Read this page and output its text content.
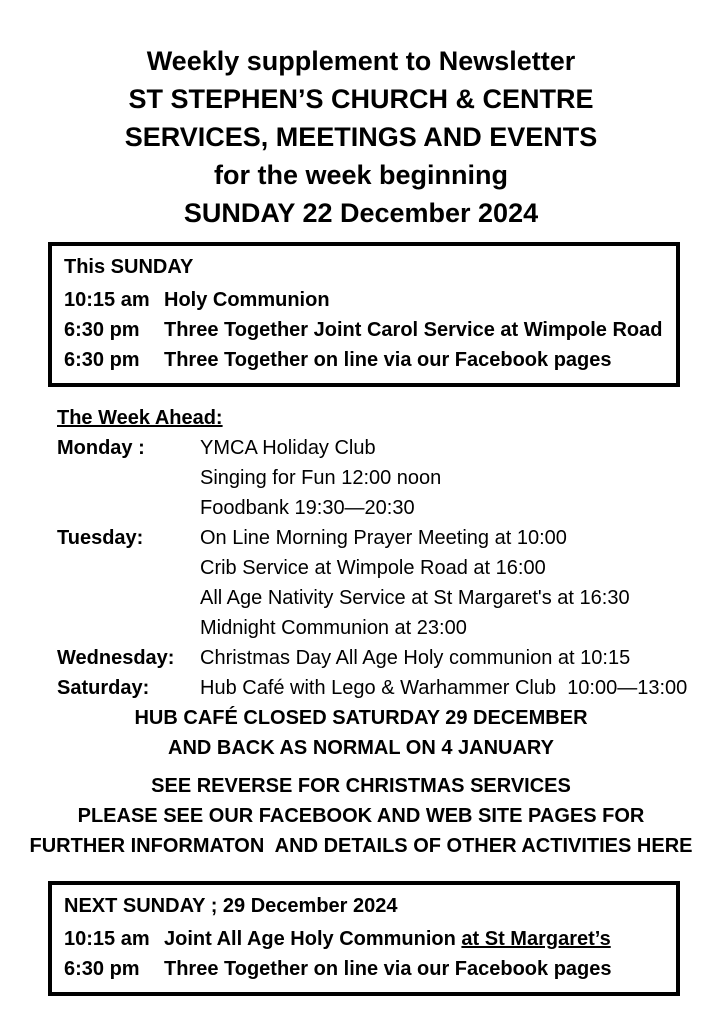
Weekly supplement to Newsletter
ST STEPHEN’S CHURCH & CENTRE
SERVICES, MEETINGS AND EVENTS
for the week beginning
SUNDAY 22 December 2024
This SUNDAY
10:15 am Holy Communion
6:30 pm	Three Together Joint Carol Service at Wimpole Road
6:30 pm	Three Together on line via our Facebook pages
The Week Ahead:
Monday :	YMCA Holiday Club
Singing for Fun 12:00 noon
Foodbank 19:30—20:30
Tuesday:	On Line Morning Prayer Meeting at 10:00
Crib Service at Wimpole Road at 16:00
All Age Nativity Service at St Margaret's at 16:30
Midnight Communion at 23:00
Wednesday:	Christmas Day All Age Holy communion at 10:15
Saturday:	Hub Café with Lego & Warhammer Club  10:00—13:00
HUB CAFÉ CLOSED SATURDAY 29 DECEMBER
AND BACK AS NORMAL ON 4 JANUARY
SEE REVERSE FOR CHRISTMAS SERVICES
PLEASE SEE OUR FACEBOOK AND WEB SITE PAGES FOR
FURTHER INFORMATON  AND DETAILS OF OTHER ACTIVITIES HERE
NEXT SUNDAY ; 29 December 2024
10:15 am Joint All Age Holy Communion at St Margaret’s
6:30 pm	Three Together on line via our Facebook pages
